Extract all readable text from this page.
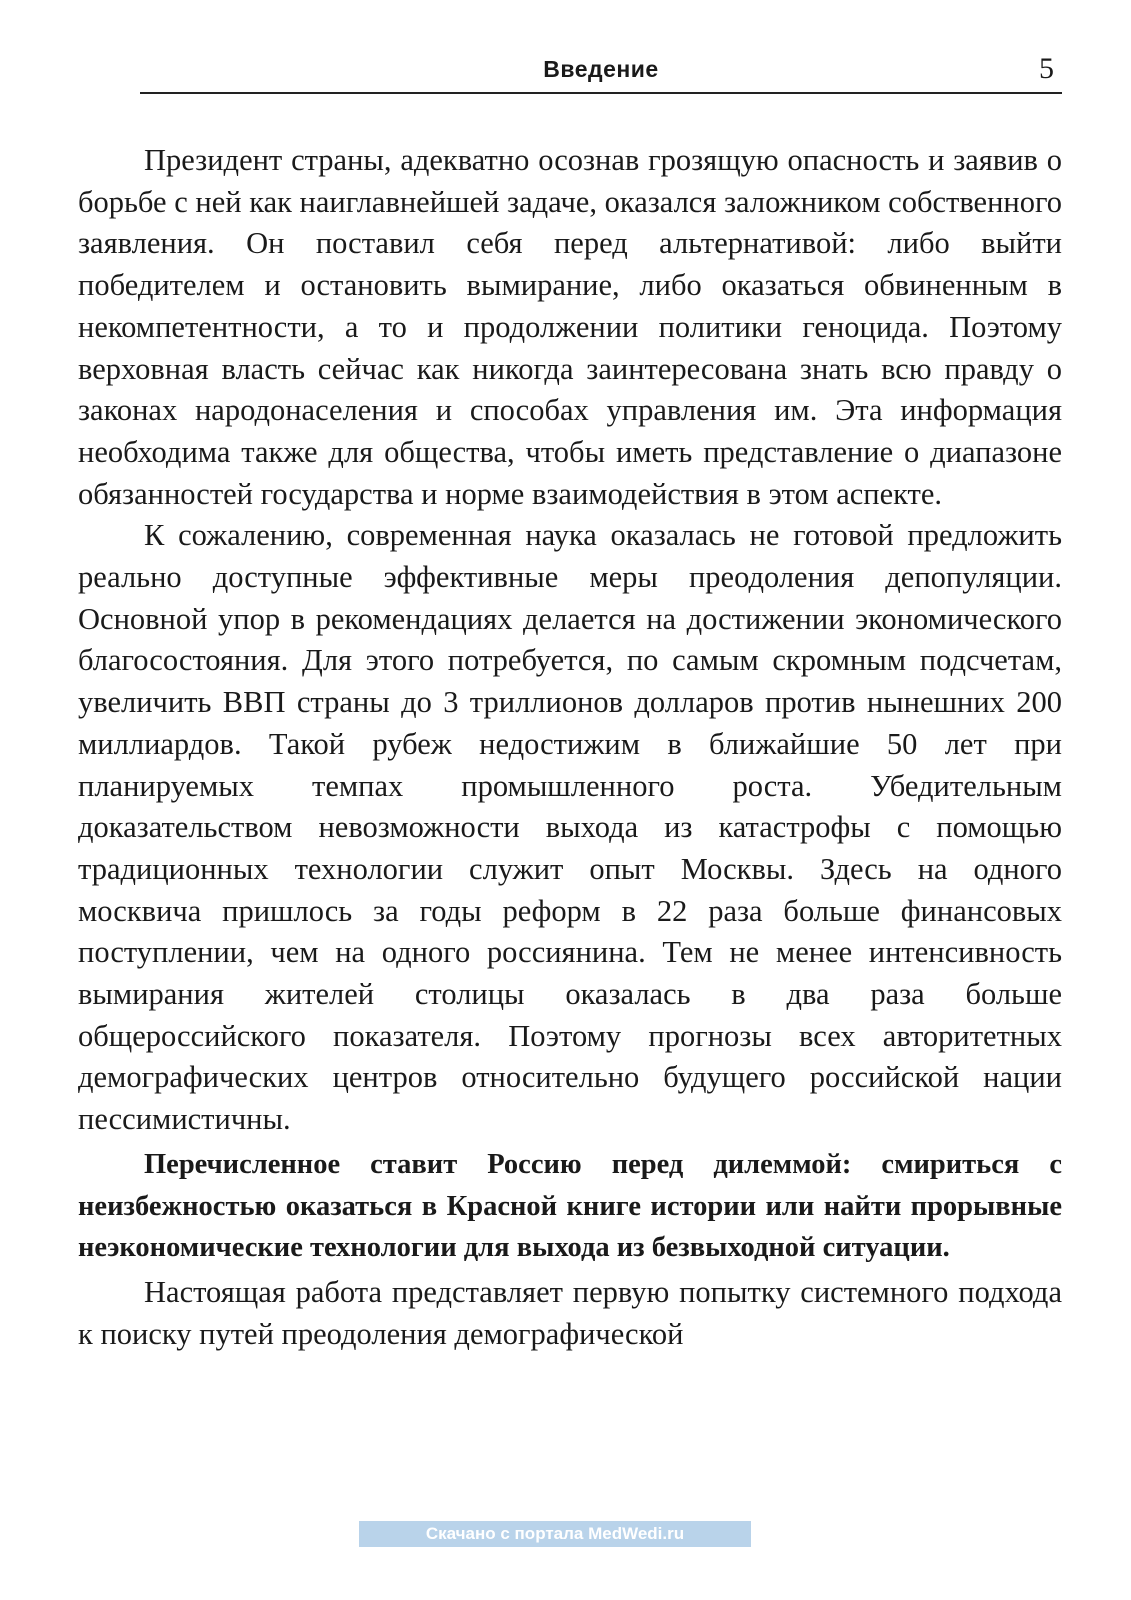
Введение	5

Президент страны, адекватно осознав грозящую опасность и заявив о борьбе с ней как наиглавнейшей задаче, оказался заложником собственного заявления. Он поставил себя перед альтернативой: либо выйти победителем и остановить вымирание, либо оказаться обвиненным в некомпетентности, а то и продолжении политики геноцида. Поэтому верховная власть сейчас как никогда заинтересована знать всю правду о законах народонаселения и способах управления им. Эта информация необходима также для общества, чтобы иметь представление о диапазоне обязанностей государства и норме взаимодействия в этом аспекте.

К сожалению, современная наука оказалась не готовой предложить реально доступные эффективные меры преодоления депопуляции. Основной упор в рекомендациях делается на достижении экономического благосостояния. Для этого потребуется, по самым скромным подсчетам, увеличить ВВП страны до 3 триллионов долларов против нынешних 200 миллиардов. Такой рубеж недостижим в ближайшие 50 лет при планируемых темпах промышленного роста. Убедительным доказательством невозможности выхода из катастрофы с помощью традиционных технологии служит опыт Москвы. Здесь на одного москвича пришлось за годы реформ в 22 раза больше финансовых поступлении, чем на одного россиянина. Тем не менее интенсивность вымирания жителей столицы оказалась в два раза больше общероссийского показателя. Поэтому прогнозы всех авторитетных демографических центров относительно будущего российской нации пессимистичны.

Перечисленное ставит Россию перед дилеммой: смириться с неизбежностью оказаться в Красной книге истории или найти прорывные неэкономические технологии для выхода из безвыходной ситуации.

Настоящая работа представляет первую попытку системного подхода к поиску путей преодоления демографической

Скачано с портала MedWedi.ru
